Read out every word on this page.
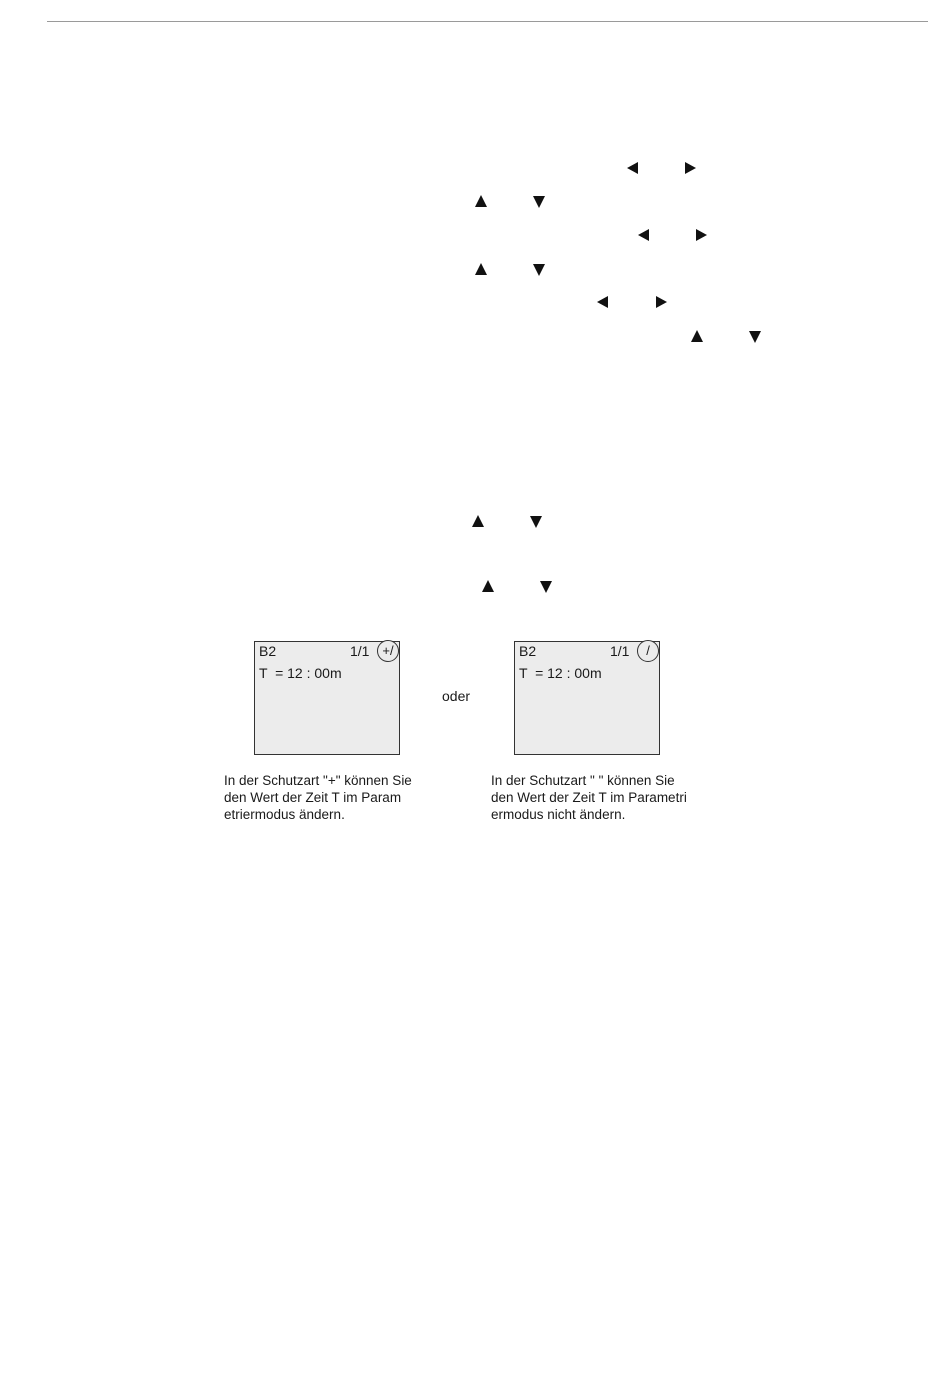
B2	1/1 +/
T  = 12 : 00m
oder
B2	1/1	/
T  = 12 : 00m
In der Schutzart "+" können Sie
den Wert der Zeit T im Param
etriermodus ändern.
In der Schutzart " " können Sie
den Wert der Zeit T im Parametri
ermodus nicht ändern.
